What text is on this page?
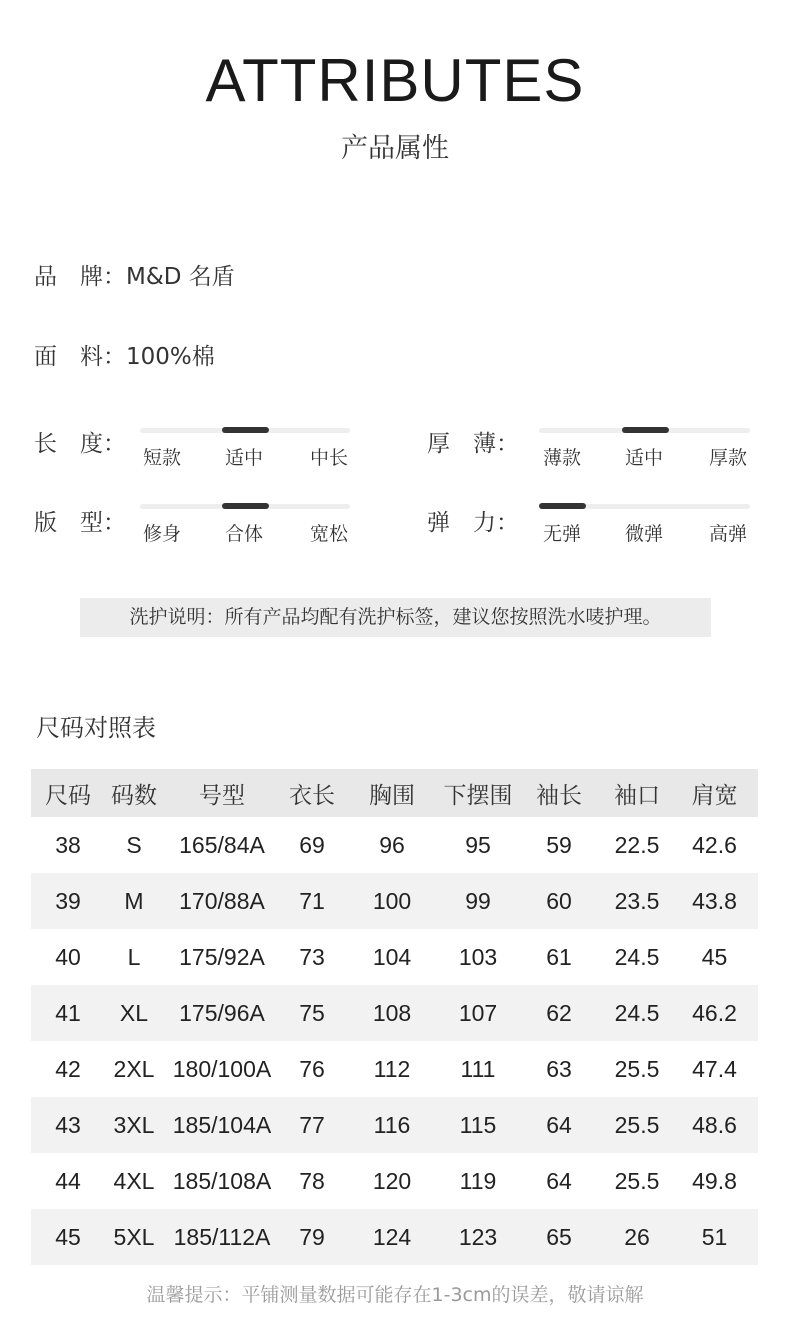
ATTRIBUTES
产品属性
品　牌：M&D 名盾
面　料：100%棉
长　度：
短款 适中 中长
厚　薄：
薄款 适中 厚款
版　型： 修身 合体 宽松	弹　力： 无弹 微弹 高弹
洗护说明：所有产品均配有洗护标签，建议您按照洗水唛护理。
尺码对照表
尺码	码数	号型	衣长	胸围	下摆围	袖长	袖口	肩宽
38	S	165/84A	69	96	95	59	22.5	42.6
39	M	170/88A	71	100	99	60	23.5	43.8
40	L	175/92A	73	104	103	61	24.5	45
41	XL	175/96A	75	108	107	62	24.5	46.2
42	2XL	180/100A	76	112	111	63	25.5	47.4
43	3XL	185/104A	77	116	115	64	25.5	48.6
44	4XL	185/108A	78	120	119	64	25.5	49.8
45	5XL	185/112A	79	124	123	65	26	51
温馨提示：平铺测量数据可能存在1-3cm的误差，敬请谅解
